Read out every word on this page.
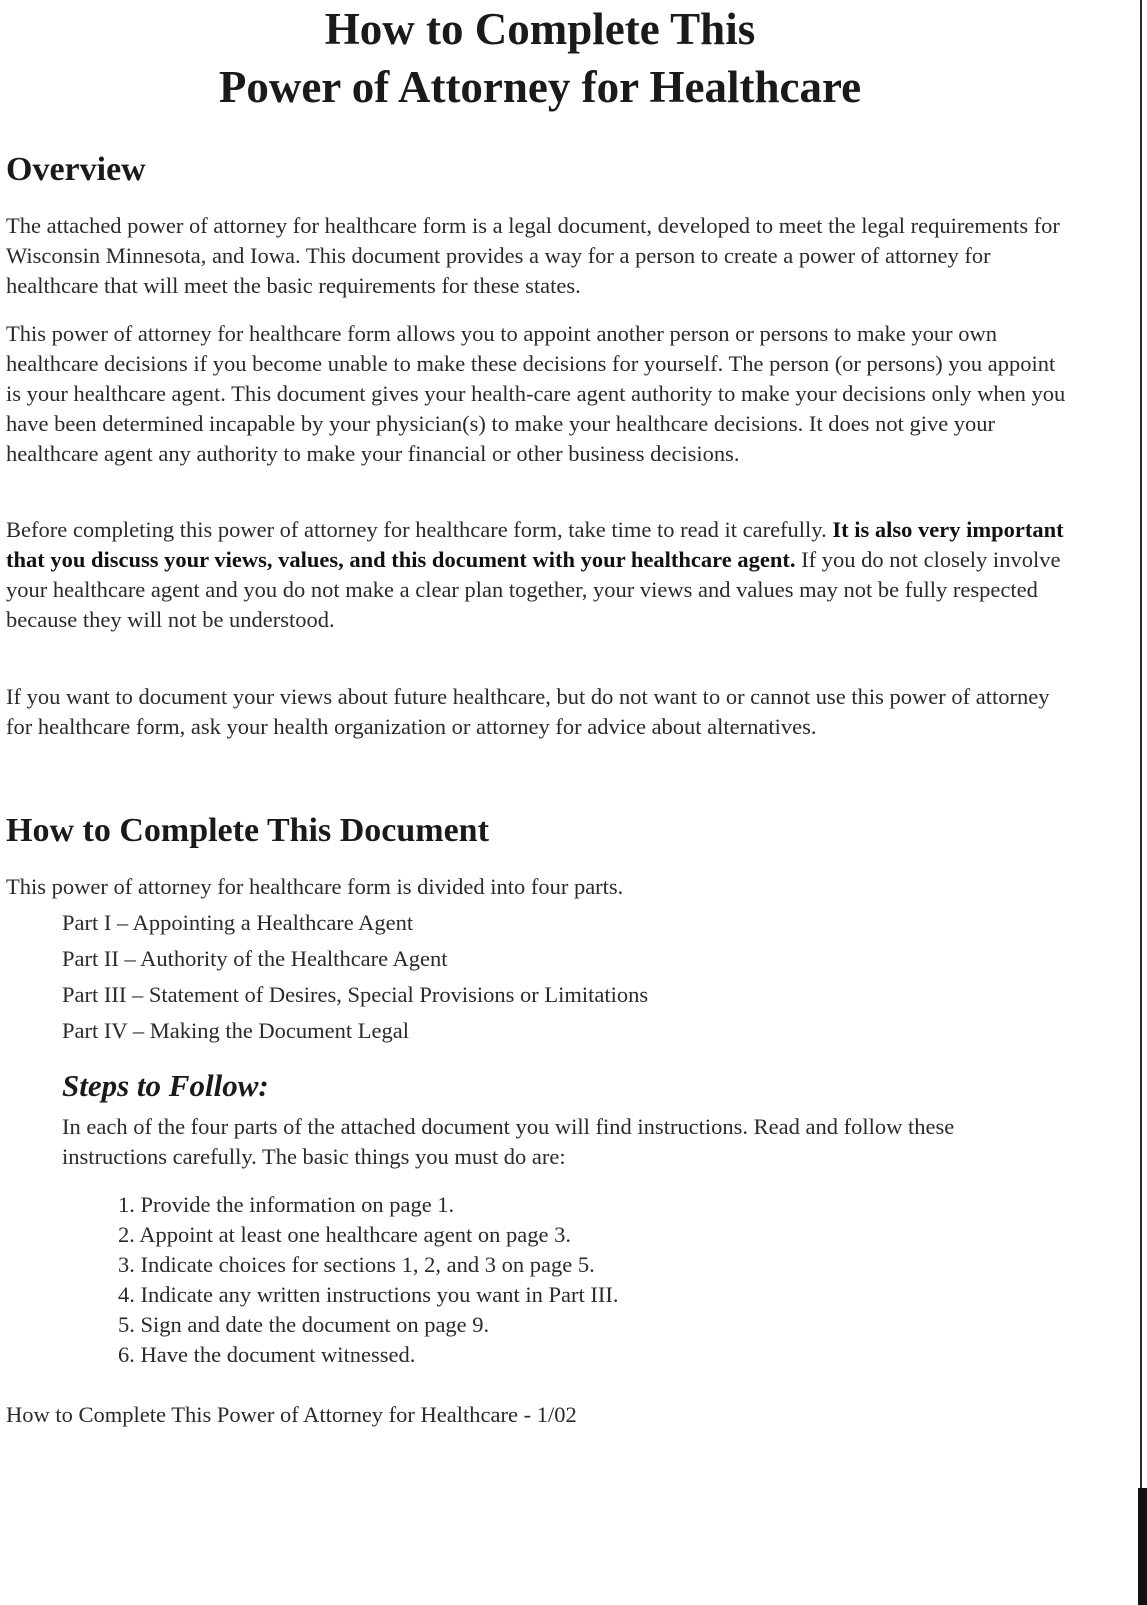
How to Complete This
Power of Attorney for Healthcare
Overview

The attached power of attorney for healthcare form is a legal document, developed to meet the legal requirements for Wisconsin Minnesota, and Iowa. This document provides a way for a person to create a power of attorney for healthcare that will meet the basic requirements for these states.

This power of attorney for healthcare form allows you to appoint another person or persons to make your own healthcare decisions if you become unable to make these decisions for yourself. The person (or persons) you appoint is your healthcare agent. This document gives your health-care agent authority to make your decisions only when you have been determined incapable by your physician(s) to make your healthcare decisions. It does not give your healthcare agent any authority to make your financial or other business decisions.

Before completing this power of attorney for healthcare form, take time to read it carefully. It is also very important that you discuss your views, values, and this document with your healthcare agent. If you do not closely involve your healthcare agent and you do not make a clear plan together, your views and values may not be fully respected because they will not be understood.

If you want to document your views about future healthcare, but do not want to or cannot use this power of attorney for healthcare form, ask your health organization or attorney for advice about alternatives.

How to Complete This Document

This power of attorney for healthcare form is divided into four parts.

Part I – Appointing a Healthcare Agent
Part II – Authority of the Healthcare Agent
Part III – Statement of Desires, Special Provisions or Limitations
Part IV – Making the Document Legal
Steps to Follow:

In each of the four parts of the attached document you will find instructions. Read and follow these instructions carefully. The basic things you must do are:

1. Provide the information on page 1.
2. Appoint at least one healthcare agent on page 3.
3. Indicate choices for sections 1, 2, and 3 on page 5.
4. Indicate any written instructions you want in Part III.
5. Sign and date the document on page 9.
6. Have the document witnessed.
How to Complete This Power of Attorney for Healthcare - 1/02
